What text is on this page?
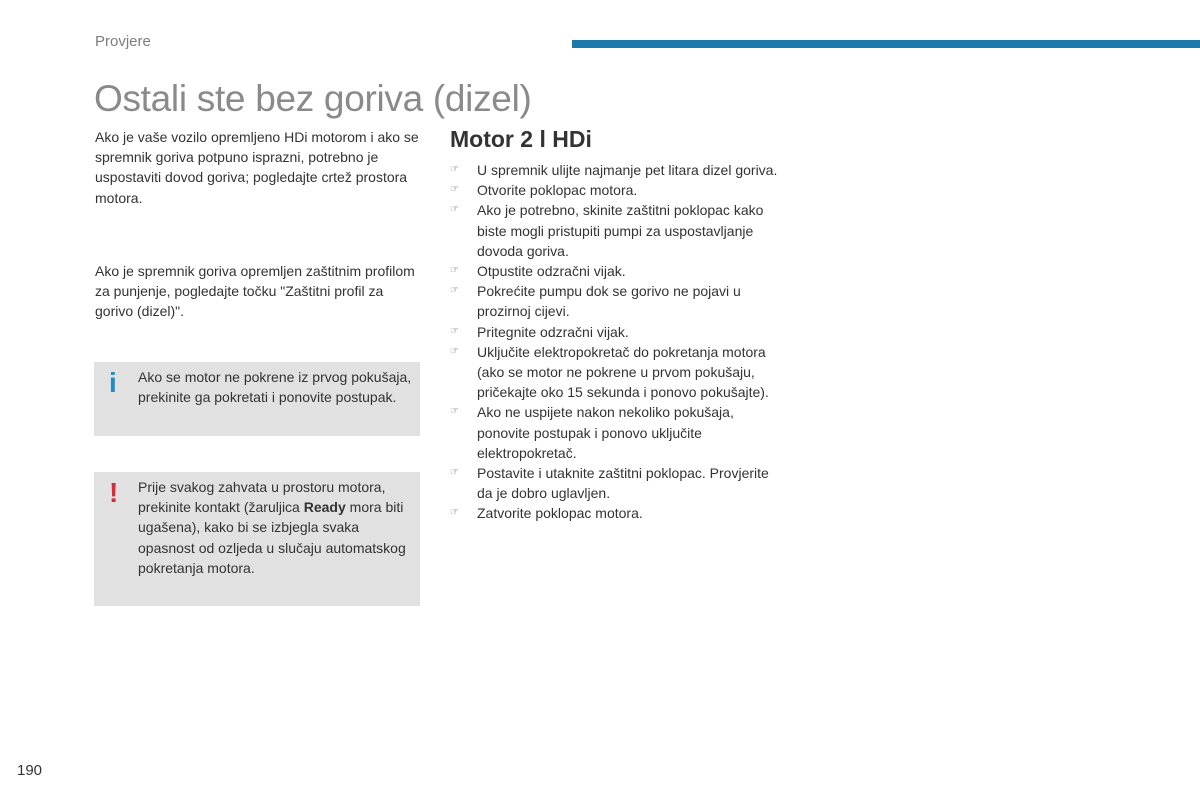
Provjere
Ostali ste bez goriva (dizel)

Ako je vaše vozilo opremljeno HDi motorom i ako se spremnik goriva potpuno isprazni, potrebno je uspostaviti dovod goriva; pogledajte crtež prostora motora.

Ako je spremnik goriva opremljen zaštitnim profilom za punjenje, pogledajte točku "Zaštitni profil za gorivo (dizel)".

i Ako se motor ne pokrene iz prvog pokušaja, prekinite ga pokretati i ponovite postupak.

! Prije svakog zahvata u prostoru motora, prekinite kontakt (žaruljica Ready mora biti ugašena), kako bi se izbjegla svaka opasnost od ozljeda u slučaju automatskog pokretanja motora.

Motor 2 l HDi
☞ U spremnik ulijte najmanje pet litara dizel goriva.
☞ Otvorite poklopac motora.
☞ Ako je potrebno, skinite zaštitni poklopac kako biste mogli pristupiti pumpi za uspostavljanje dovoda goriva.
☞ Otpustite odzračni vijak.
☞ Pokrećite pumpu dok se gorivo ne pojavi u prozirnoj cijevi.
☞ Pritegnite odzračni vijak.
☞ Uključite elektropokretač do pokretanja motora (ako se motor ne pokrene u prvom pokušaju, pričekajte oko 15 sekunda i ponovo pokušajte).
☞ Ako ne uspijete nakon nekoliko pokušaja, ponovite postupak i ponovo uključite elektropokretač.
☞ Postavite i utaknite zaštitni poklopac. Provjerite da je dobro uglavljen.
☞ Zatvorite poklopac motora.
190
